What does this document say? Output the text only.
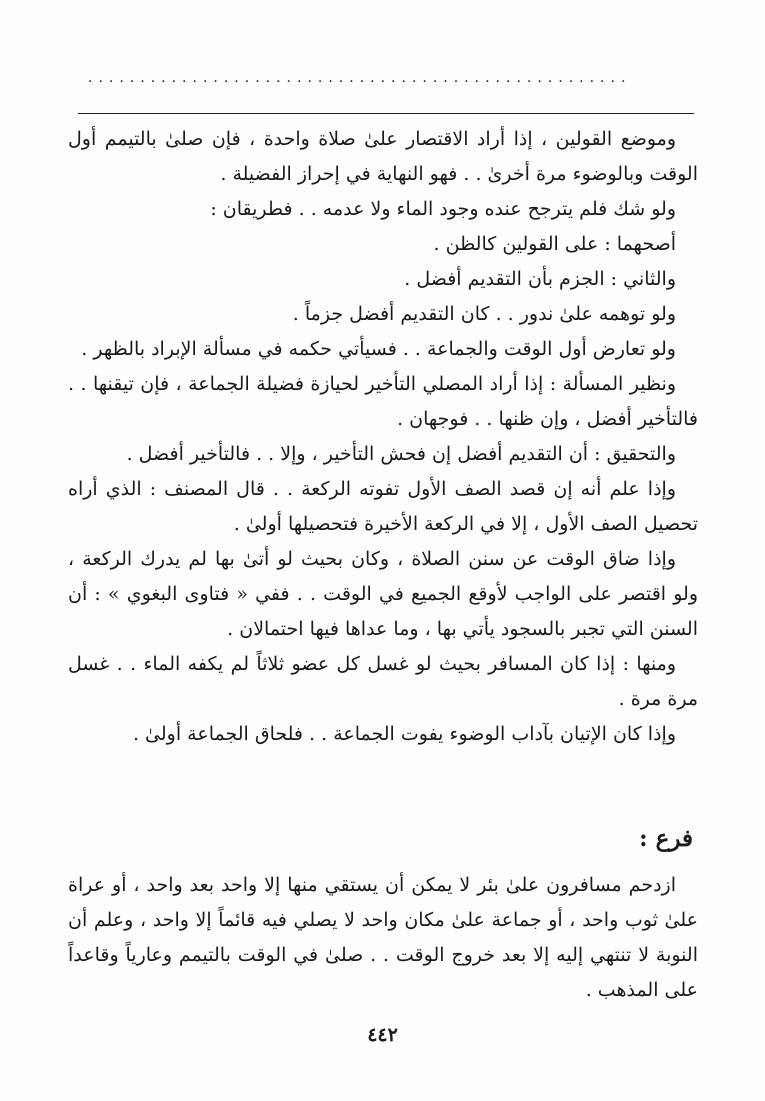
....................................................

وموضع القولين ، إذا أراد الاقتصار علىٰ صلاة واحدة ، فإن صلىٰ بالتيمم أول الوقت وبالوضوء مرة أخرىٰ . . فهو النهاية في إحراز الفضيلة .

ولو شك فلم يترجح عنده وجود الماء ولا عدمه . . فطريقان :

أصحهما : على القولين كالظن .

والثاني : الجزم بأن التقديم أفضل .

ولو توهمه علىٰ ندور . . كان التقديم أفضل جزماً .

ولو تعارض أول الوقت والجماعة . . فسيأتي حكمه في مسألة الإبراد بالظهر .

ونظير المسألة : إذا أراد المصلي التأخير لحيازة فضيلة الجماعة ، فإن تيقنها . . فالتأخير أفضل ، وإن ظنها . . فوجهان .

والتحقيق : أن التقديم أفضل إن فحش التأخير ، وإلا . . فالتأخير أفضل .

وإذا علم أنه إن قصد الصف الأول تفوته الركعة . . قال المصنف : الذي أراه تحصيل الصف الأول ، إلا في الركعة الأخيرة فتحصيلها أولىٰ .

وإذا ضاق الوقت عن سنن الصلاة ، وكان بحيث لو أتىٰ بها لم يدرك الركعة ، ولو اقتصر على الواجب لأوقع الجميع في الوقت . . ففي « فتاوى البغوي » : أن السنن التي تجبر بالسجود يأتي بها ، وما عداها فيها احتمالان .

ومنها : إذا كان المسافر بحيث لو غسل كل عضو ثلاثاً لم يكفه الماء . . غسل مرة مرة .

وإذا كان الإتيان بآداب الوضوء يفوت الجماعة . . فلحاق الجماعة أولىٰ .

فرع :

ازدحم مسافرون علىٰ بئر لا يمكن أن يستقي منها إلا واحد بعد واحد ، أو عراة علىٰ ثوب واحد ، أو جماعة علىٰ مكان واحد لا يصلي فيه قائماً إلا واحد ، وعلم أن النوبة لا تنتهي إليه إلا بعد خروج الوقت . . صلىٰ في الوقت بالتيمم وعارياً وقاعداً على المذهب .

٤٤٢
